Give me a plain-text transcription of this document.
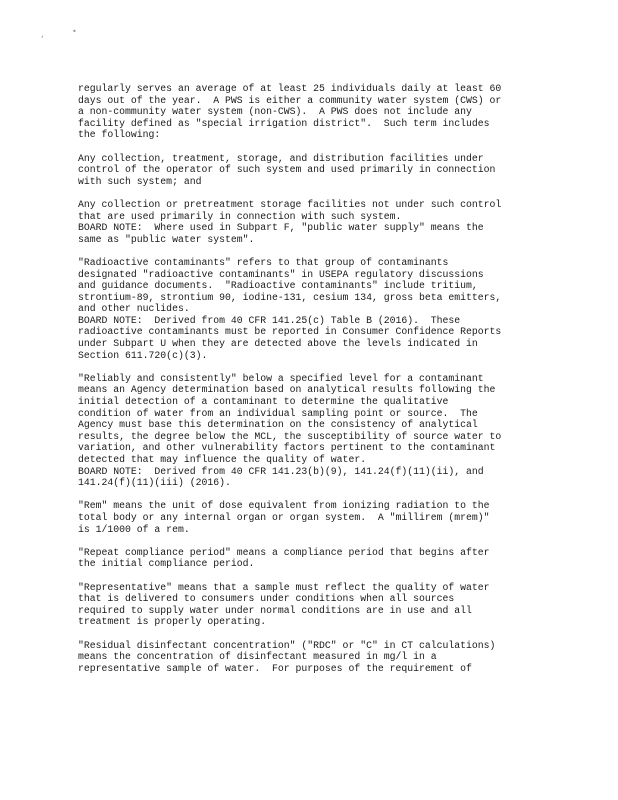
,	•
regularly serves an average of at least 25 individuals daily at least 60
days out of the year.  A PWS is either a community water system (CWS) or
a non-community water system (non-CWS).  A PWS does not include any
facility defined as "special irrigation district".  Such term includes
the following:
Any collection, treatment, storage, and distribution facilities under
control of the operator of such system and used primarily in connection
with such system; and
Any collection or pretreatment storage facilities not under such control
that are used primarily in connection with such system.
BOARD NOTE:  Where used in Subpart F, "public water supply" means the
same as "public water system".
"Radioactive contaminants" refers to that group of contaminants
designated "radioactive contaminants" in USEPA regulatory discussions
and guidance documents.  "Radioactive contaminants" include tritium,
strontium-89, strontium 90, iodine-131, cesium 134, gross beta emitters,
and other nuclides.
BOARD NOTE:  Derived from 40 CFR 141.25(c) Table B (2016).  These
radioactive contaminants must be reported in Consumer Confidence Reports
under Subpart U when they are detected above the levels indicated in
Section 611.720(c)(3).
"Reliably and consistently" below a specified level for a contaminant
means an Agency determination based on analytical results following the
initial detection of a contaminant to determine the qualitative
condition of water from an individual sampling point or source.  The
Agency must base this determination on the consistency of analytical
results, the degree below the MCL, the susceptibility of source water to
variation, and other vulnerability factors pertinent to the contaminant
detected that may influence the quality of water.
BOARD NOTE:  Derived from 40 CFR 141.23(b)(9), 141.24(f)(11)(ii), and
141.24(f)(11)(iii) (2016).
"Rem" means the unit of dose equivalent from ionizing radiation to the
total body or any internal organ or organ system.  A "millirem (mrem)"
is 1/1000 of a rem.
"Repeat compliance period" means a compliance period that begins after
the initial compliance period.
"Representative" means that a sample must reflect the quality of water
that is delivered to consumers under conditions when all sources
required to supply water under normal conditions are in use and all
treatment is properly operating.
"Residual disinfectant concentration" ("RDC" or "C" in CT calculations)
means the concentration of disinfectant measured in mg/l in a
representative sample of water.  For purposes of the requirement of
